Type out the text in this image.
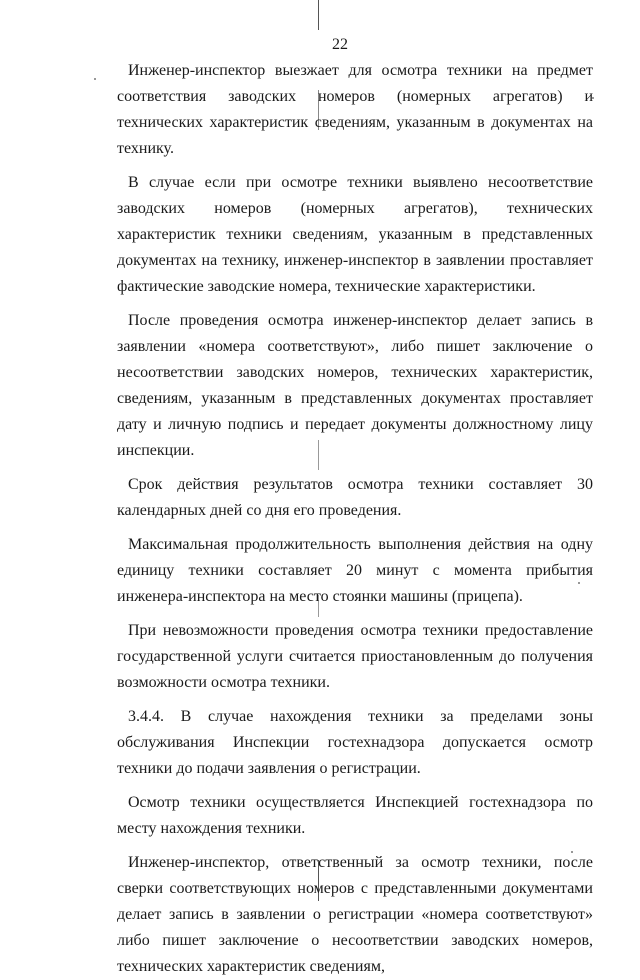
22

Инженер-инспектор выезжает для осмотра техники на предмет соответствия заводских номеров (номерных агрегатов) и технических характеристик сведениям, указанным в документах на технику.

В случае если при осмотре техники выявлено несоответствие заводских номеров (номерных агрегатов), технических характеристик техники сведениям, указанным в представленных документах на технику, инженер-инспектор в заявлении проставляет фактические заводские номера, технические характеристики.

После проведения осмотра инженер-инспектор делает запись в заявлении «номера соответствуют», либо пишет заключение о несоответствии заводских номеров, технических характеристик, сведениям, указанным в представленных документах проставляет дату и личную подпись и передает документы должностному лицу инспекции.

Срок действия результатов осмотра техники составляет 30 календарных дней со дня его проведения.

Максимальная продолжительность выполнения действия на одну единицу техники составляет 20 минут с момента прибытия инженера-инспектора на место стоянки машины (прицепа).

При невозможности проведения осмотра техники предоставление государственной услуги считается приостановленным до получения возможности осмотра техники.

3.4.4. В случае нахождения техники за пределами зоны обслуживания Инспекции гостехнадзора допускается осмотр техники до подачи заявления о регистрации.

Осмотр техники осуществляется Инспекцией гостехнадзора по месту нахождения техники.

Инженер-инспектор, ответственный за осмотр техники, после сверки соответствующих номеров с представленными документами делает запись в заявлении о регистрации «номера соответствуют» либо пишет заключение о несоответствии заводских номеров, технических характеристик сведениям,
